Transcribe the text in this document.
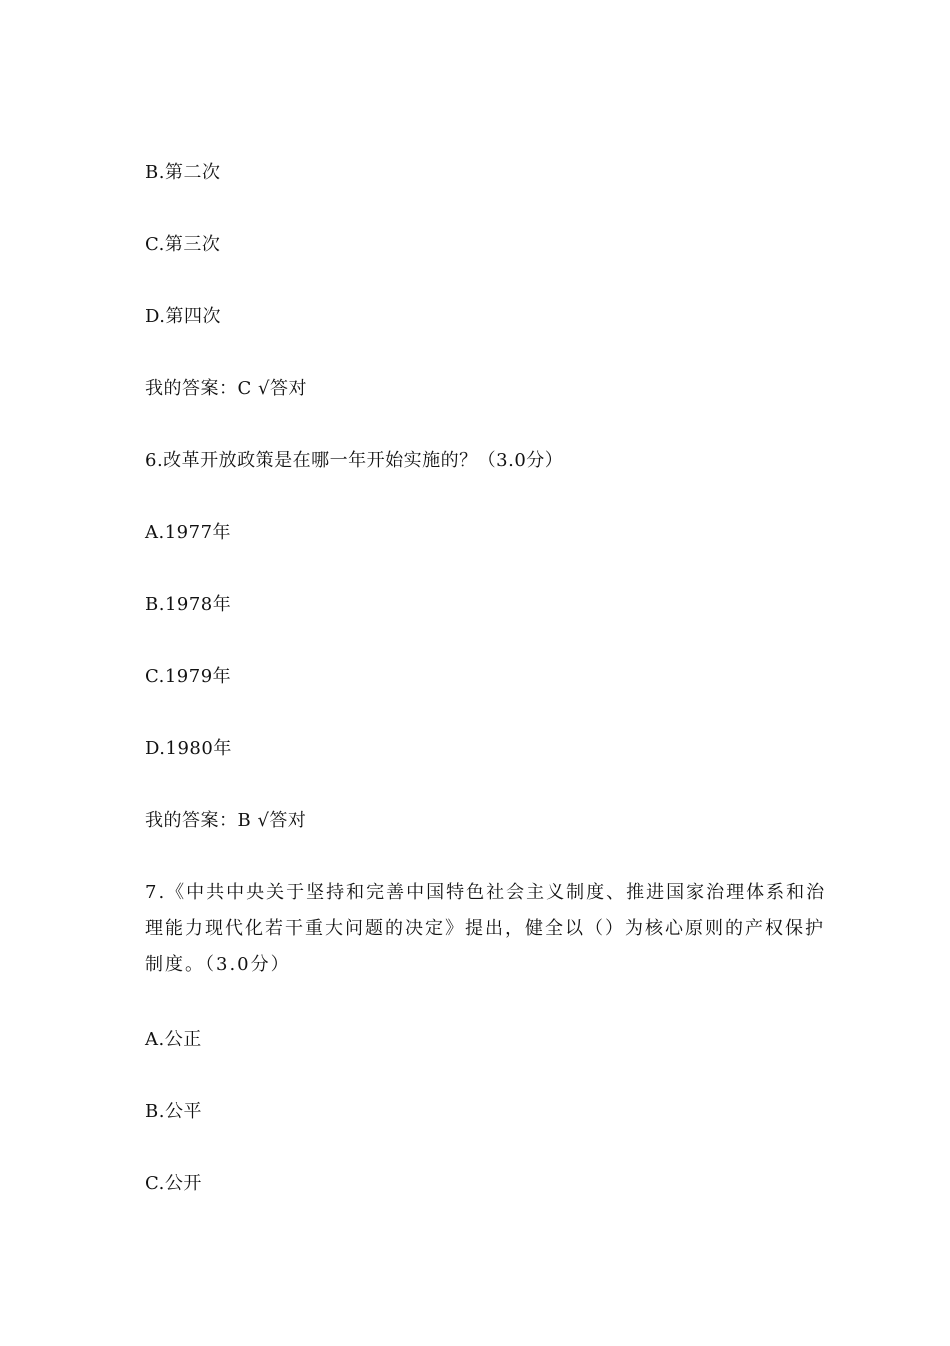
B.第二次
C.第三次
D.第四次
我的答案：C √答对
6.改革开放政策是在哪一年开始实施的？（3.0分）
A.1977年
B.1978年
C.1979年
D.1980年
我的答案：B √答对
7.《中共中央关于坚持和完善中国特色社会主义制度、推进国家治理体系和治
理能力现代化若干重大问题的决定》提出，健全以（）为核心原则的产权保护
制度。（3.0分）
A.公正
B.公平
C.公开
